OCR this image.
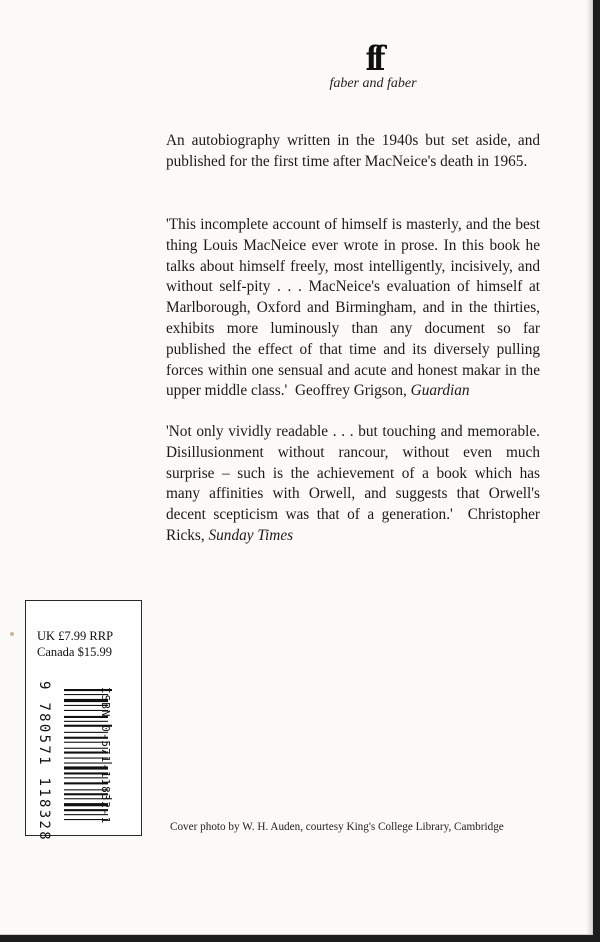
ff
faber and faber

An autobiography written in the 1940s but set aside, and published for the first time after MacNeice's death in 1965.

'This incomplete account of himself is masterly, and the best thing Louis MacNeice ever wrote in prose. In this book he talks about himself freely, most intelligently, incisively, and without self-pity . . . MacNeice's evaluation of himself at Marlborough, Oxford and Birmingham, and in the thirties, exhibits more luminously than any document so far published the effect of that time and its diversely pulling forces within one sensual and acute and honest makar in the upper middle class.' Geoffrey Grigson, Guardian

'Not only vividly readable . . . but touching and memorable. Disillusionment without rancour, without even much surprise – such is the achievement of a book which has many affinities with Orwell, and suggests that Orwell's decent scepticism was that of a generation.' Christopher Ricks, Sunday Times

UK £7.99 RRP
Canada $15.99
9 780571 118328	ISBN 0-571-11832-1
Cover photo by W. H. Auden, courtesy King's College Library, Cambridge
